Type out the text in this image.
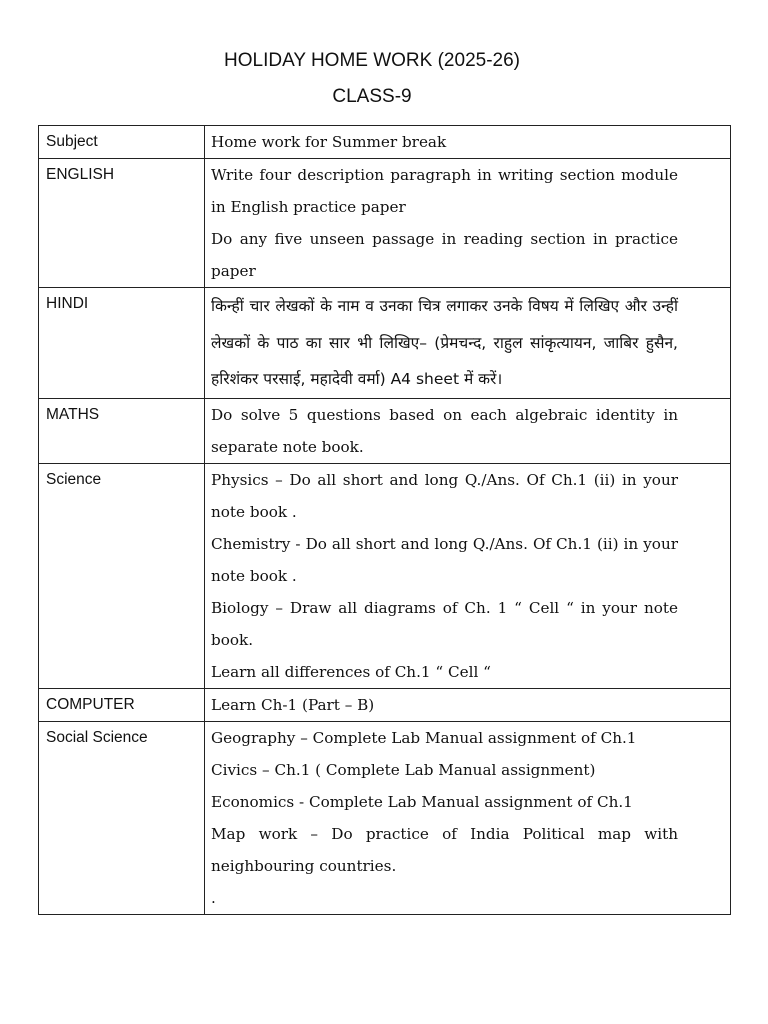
HOLIDAY HOME WORK (2025-26)
CLASS-9
Subject	Home work for Summer break

ENGLISH	Write four description paragraph in writing section module in English practice paper

Do any five unseen passage in reading section in practice paper

HINDI	किन्हीं चार लेखकों के नाम व उनका चित्र लगाकर उनके विषय में लिखिए और उन्हीं लेखकों के पाठ का सार भी लिखिए– (प्रेमचन्द, राहुल सांकृत्यायन, जाबिर हुसैन, हरिशंकर परसाई, महादेवी वर्मा) A4 sheet में करें।

MATHS	Do solve 5 questions based on each algebraic identity in separate note book.

Science	Physics – Do all short and long Q./Ans. Of Ch.1 (ii) in your note book .

Chemistry - Do all short and long Q./Ans. Of Ch.1 (ii) in your note book .

Biology – Draw all diagrams of Ch. 1 “ Cell “ in your note book.

Learn all differences of Ch.1 “ Cell “

COMPUTER	Learn Ch-1 (Part – B)

Social Science	Geography – Complete Lab Manual assignment of Ch.1

Civics – Ch.1 ( Complete Lab Manual assignment)

Economics - Complete Lab Manual assignment of Ch.1

Map work – Do practice of India Political map with neighbouring countries.

.
